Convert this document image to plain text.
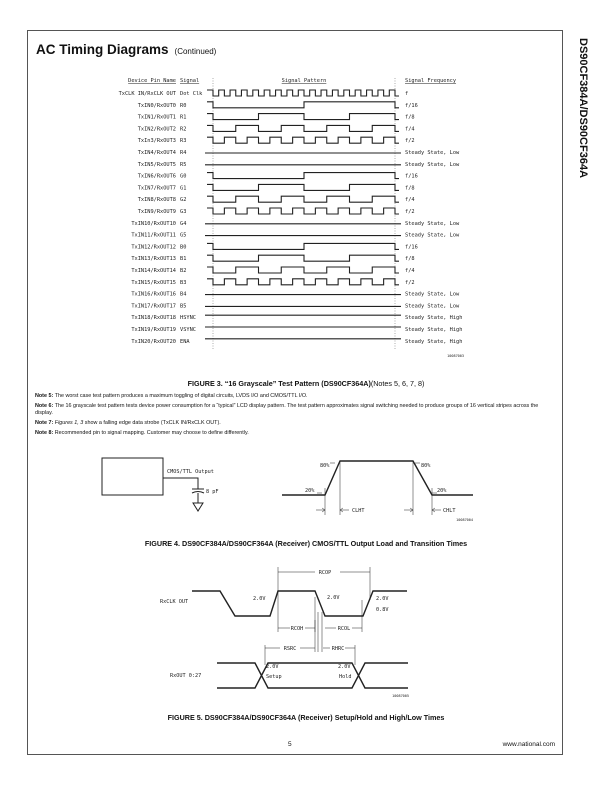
AC Timing Diagrams (Continued)	DS90CF384A/DS90CF364A
Device Pin Name Signal	Signal Pattern	Signal Frequency
10087003
TxCLK IN/RxCLK OUT Dot Clk	f
TxIN0/RxOUT0 R0	f/16
TxIN1/RxOUT1 R1	f/8
TxIN2/RxOUT2 R2	f/4
TxIn3/RxOUT3 R3	f/2
TxIN4/RxOUT4 R4	Steady State, Low
TxIN5/RxOUT5 R5	Steady State, Low
TxIN6/RxOUT6 G0	f/16
TxIN7/RxOUT7 G1	f/8
TxIN8/RxOUT8 G2	f/4
TxIN9/RxOUT9 G3	f/2
TxIN10/RxOUT10 G4	Steady State, Low
TxIN11/RxOUT11 G5	Steady State, Low
TxIN12/RxOUT12 B0	f/16
TxIN13/RxOUT13 B1	f/8
TxIN14/RxOUT14 B2	f/4
TxIN15/RxOUT15 B3	f/2
TxIN16/RxOUT16 B4	Steady State, Low
TxIN17/RxOUT17 B5	Steady State, Low
TxIN18/RxOUT18 HSYNC	Steady State, High
TxIN19/RxOUT19 VSYNC	Steady State, High
TxIN20/RxOUT20 ENA	Steady State, High
FIGURE 3. “16 Grayscale” Test Pattern (DS90CF364A)(Notes 5, 6, 7, 8)

Note 5: The worst case test pattern produces a maximum toggling of digital circuits, LVDS I/O and CMOS/TTL I/O.

Note 6: The 16 grayscale test pattern tests device power consumption for a “typical” LCD display pattern. The test pattern approximates signal switching needed to produce groups of 16 vertical stripes across the display.

Note 7: Figures 1, 3 show a falling edge data strobe (TxCLK IN/RxCLK OUT).

Note 8: Recommended pin to signal mapping. Customer may choose to define differently.

CMOS/TTL Output
8 pF
80%
20%
80%
20%
CLHT	CHLT
10087004
FIGURE 4. DS90CF384A/DS90CF364A (Receiver) CMOS/TTL Output Load and Transition Times
RxCLK OUT
RxOUT 0:27
RCOP
RCOH	RCOL
RSRC	RHRC
2.0V	2.0V	2.0V
0.8V
2.0V
Setup
2.0V
Hold
10087005
FIGURE 5. DS90CF384A/DS90CF364A (Receiver) Setup/Hold and High/Low Times
5	www.national.com
